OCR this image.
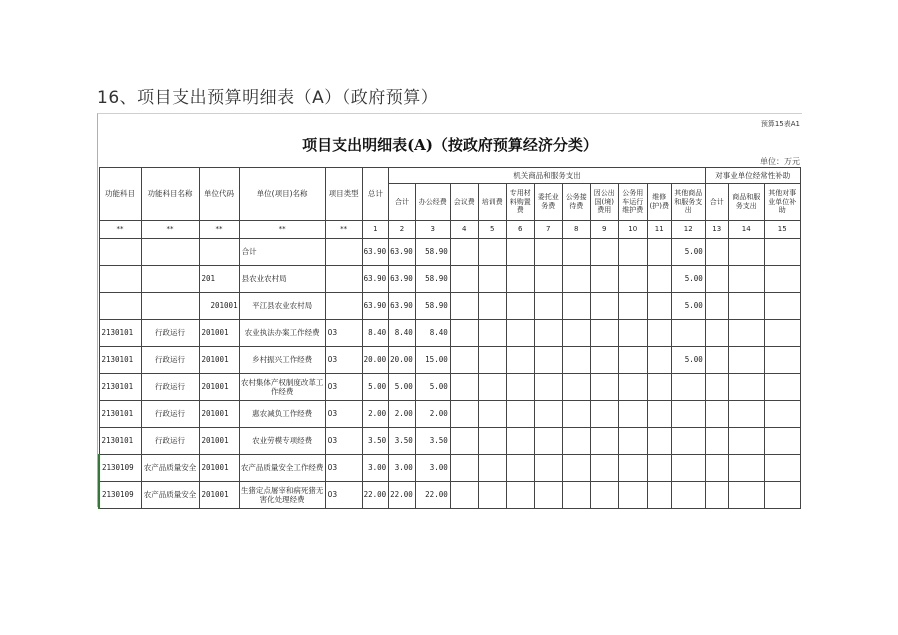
16、项目支出预算明细表（A）（政府预算）
预算15表A1
项目支出明细表(A)（按政府预算经济分类）
单位：万元
功能科目	功能科目名称	单位代码	单位(项目)名称	项目类型	总计	机关商品和服务支出											对事业单位经常性补助		
						合计	办公经费	会议费	培训费	专用材料购置费	委托业务费	公务接待费	因公出国(境)费用	公务用车运行维护费	维修(护)费	其他商品和服务支出	合计	商品和服务支出	其他对事业单位补助
**	**	**	**	**	1	2	3	4	5	6	7	8	9	10	11	12	13	14	15
			合计		63.90	63.90	58.90									5.00			
		201	县农业农村局		63.90	63.90	58.90									5.00			
		201001	平江县农业农村局		63.90	63.90	58.90									5.00			
2130101	行政运行	201001	农业执法办案工作经费	03	8.40	8.40	8.40												
2130101	行政运行	201001	乡村振兴工作经费	03	20.00	20.00	15.00									5.00			
2130101	行政运行	201001	农村集体产权制度改革工作经费	03	5.00	5.00	5.00												
2130101	行政运行	201001	惠农减负工作经费	03	2.00	2.00	2.00												
2130101	行政运行	201001	农业劳模专项经费	03	3.50	3.50	3.50												
2130109	农产品质量安全	201001	农产品质量安全工作经费	03	3.00	3.00	3.00												
2130109	农产品质量安全	201001	生猪定点屠宰和病死猪无害化处理经费	03	22.00	22.00	22.00												
